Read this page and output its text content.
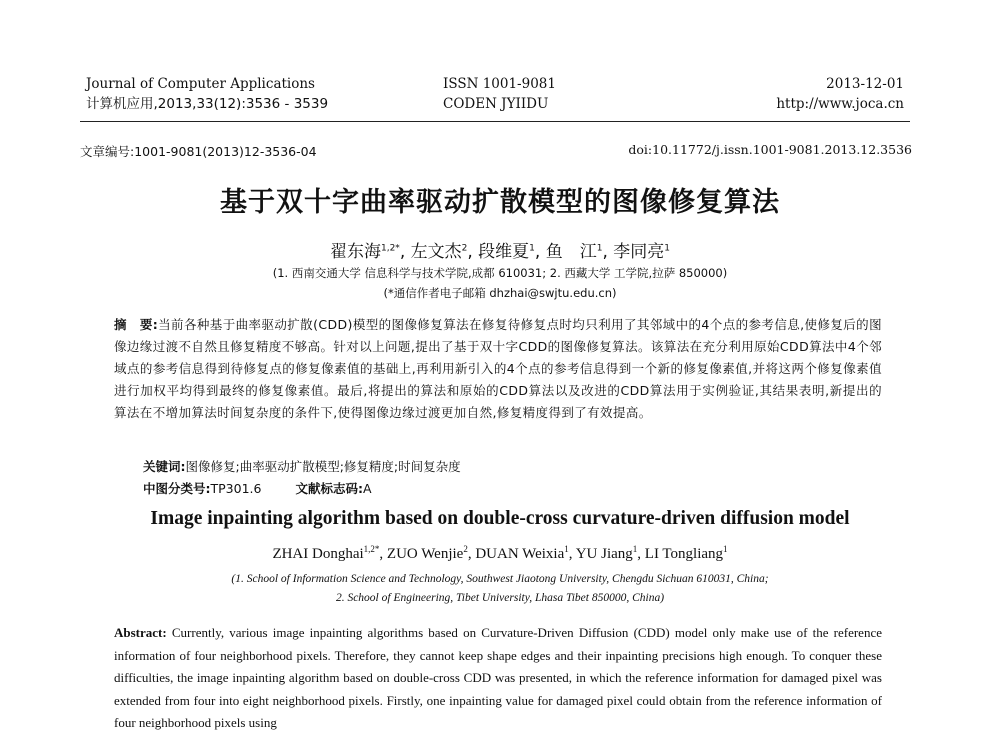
Journal of Computer Applications
计算机应用,2013,33(12):3536 - 3539
ISSN 1001-9081
CODEN JYIIDU
2013-12-01
http://www.joca.cn
文章编号:1001-9081(2013)12-3536-04	doi:10.11772/j.issn.1001-9081.2013.12.3536
基于双十字曲率驱动扩散模型的图像修复算法
翟东海$^{1,2*}$, 左文杰$^2$, 段维夏$^1$, 鱼　江$^1$, 李同亮$^1$
(1. 西南交通大学 信息科学与技术学院,成都 610031; 2. 西藏大学 工学院,拉萨 850000)
(*通信作者电子邮箱 dhzhai@swjtu.edu.cn)

摘　要:当前各种基于曲率驱动扩散(CDD)模型的图像修复算法在修复待修复点时均只利用了其邻域中的4个点的参考信息,使修复后的图像边缘过渡不自然且修复精度不够高。针对以上问题,提出了基于双十字CDD的图像修复算法。该算法在充分利用原始CDD算法中4个邻域点的参考信息得到待修复点的修复像素值的基础上,再利用新引入的4个点的参考信息得到一个新的修复像素值,并将这两个修复像素值进行加权平均得到最终的修复像素值。最后,将提出的算法和原始的CDD算法以及改进的CDD算法用于实例验证,其结果表明,新提出的算法在不增加算法时间复杂度的条件下,使得图像边缘过渡更加自然,修复精度得到了有效提高。

关键词:图像修复;曲率驱动扩散模型;修复精度;时间复杂度
中图分类号:TP301.6	文献标志码:A
Image inpainting algorithm based on double-cross curvature-driven diffusion model
ZHAI Donghai$^{1,2*}$, ZUO Wenjie$^2$, DUAN Weixia$^1$, YU Jiang$^1$, LI Tongliang$^1$
(1. School of Information Science and Technology, Southwest Jiaotong University, Chengdu Sichuan 610031, China;
2. School of Engineering, Tibet University, Lhasa Tibet 850000, China)
Abstract: Currently, various image inpainting algorithms based on Curvature-Driven Diffusion (CDD) model only make use of the reference information of four neighborhood pixels. Therefore, they cannot keep shape edges and their inpainting precisions high enough. To conquer these difficulties, the image inpainting algorithm based on double-cross CDD was presented, in which the reference information for damaged pixel was extended from four into eight neighborhood pixels. Firstly, one inpainting value for damaged pixel could obtain from the reference information of four neighborhood pixels using
